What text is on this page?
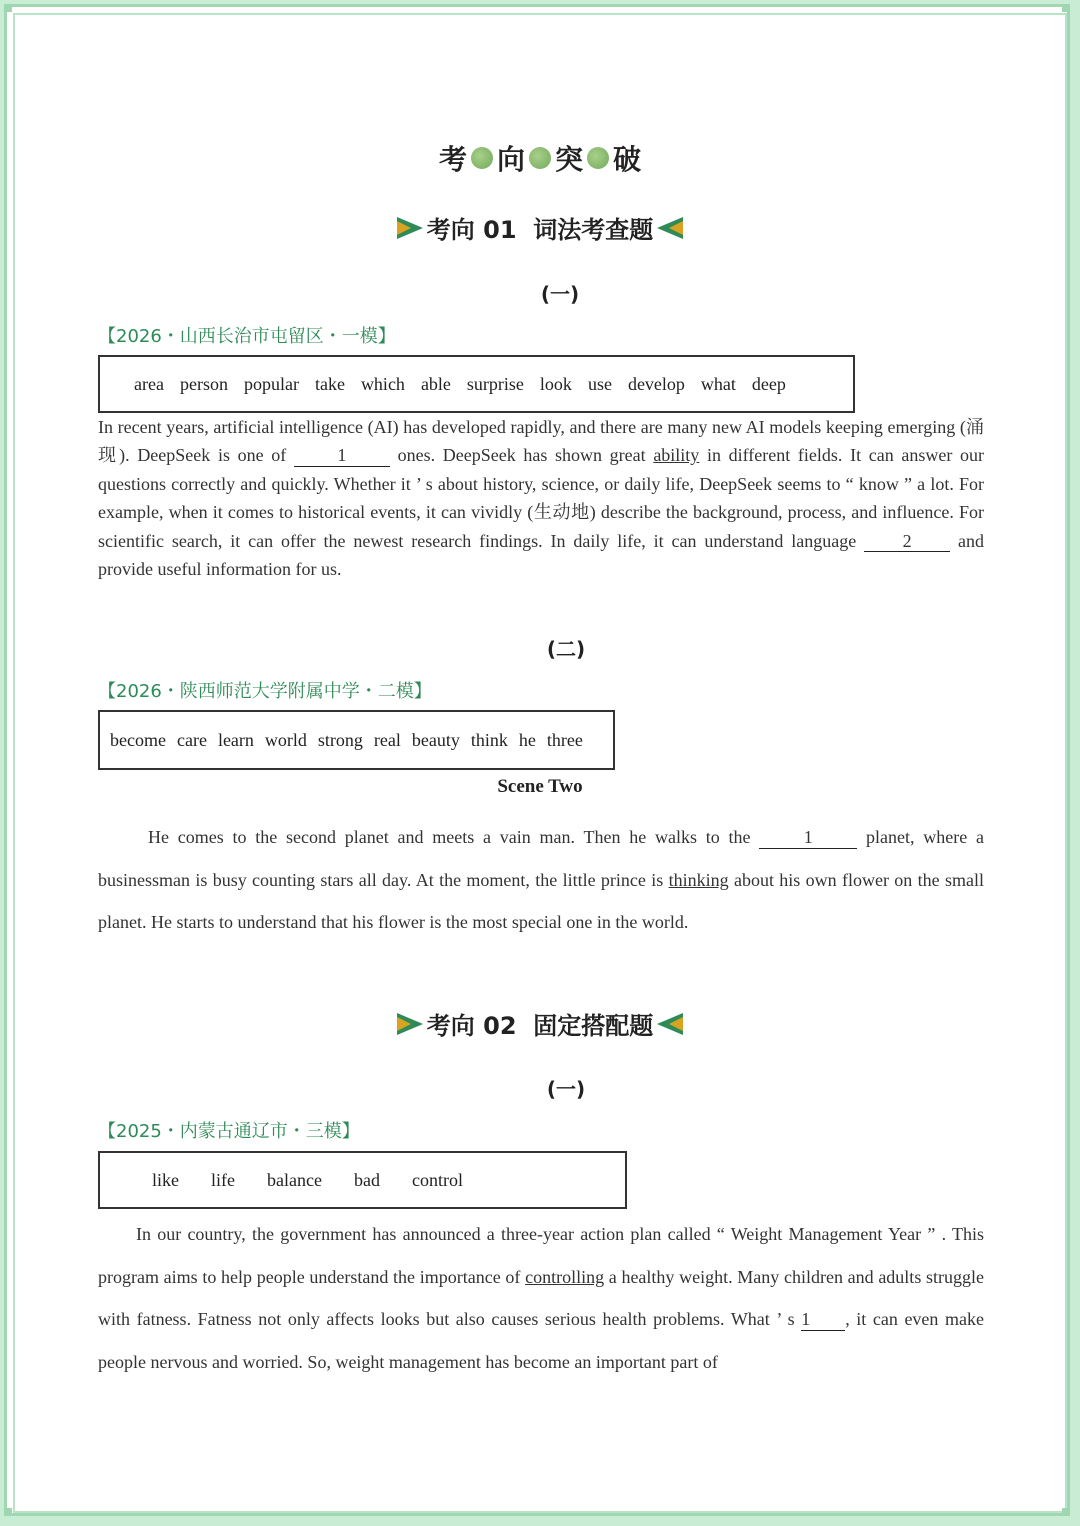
考 向 突 破
考向 01  词法考查题
(一)
【2026・山西长治市屯留区・一模】
area person popular take which able surprise look use develop what deep
In recent years, artificial intelligence (AI) has developed rapidly, and there are many new AI models keeping emerging (涌现). DeepSeek is one of 1 ones. DeepSeek has shown great ability in different fields. It can answer our questions correctly and quickly. Whether it ’ s about history, science, or daily life, DeepSeek seems to “ know ” a lot. For example, when it comes to historical events, it can vividly (生动地) describe the background, process, and influence. For scientific search, it can offer the newest research findings. In daily life, it can understand language 2 and provide useful information for us.
(二)
【2026・陕西师范大学附属中学・二模】
become care learn world strong real beauty think he three
Scene Two
He comes to the second planet and meets a vain man. Then he walks to the 1 planet, where a businessman is busy counting stars all day. At the moment, the little prince is thinking about his own flower on the small planet. He starts to understand that his flower is the most special one in the world.
考向 02  固定搭配题
(一)
【2025・内蒙古通辽市・三模】
like life balance bad control
In our country, the government has announced a three-year action plan called “ Weight Management Year ” . This program aims to help people understand the importance of controlling a healthy weight. Many children and adults struggle with fatness. Fatness not only affects looks but also causes serious health problems. What ’ s 1 , it can even make people nervous and worried. So, weight management has become an important part of
